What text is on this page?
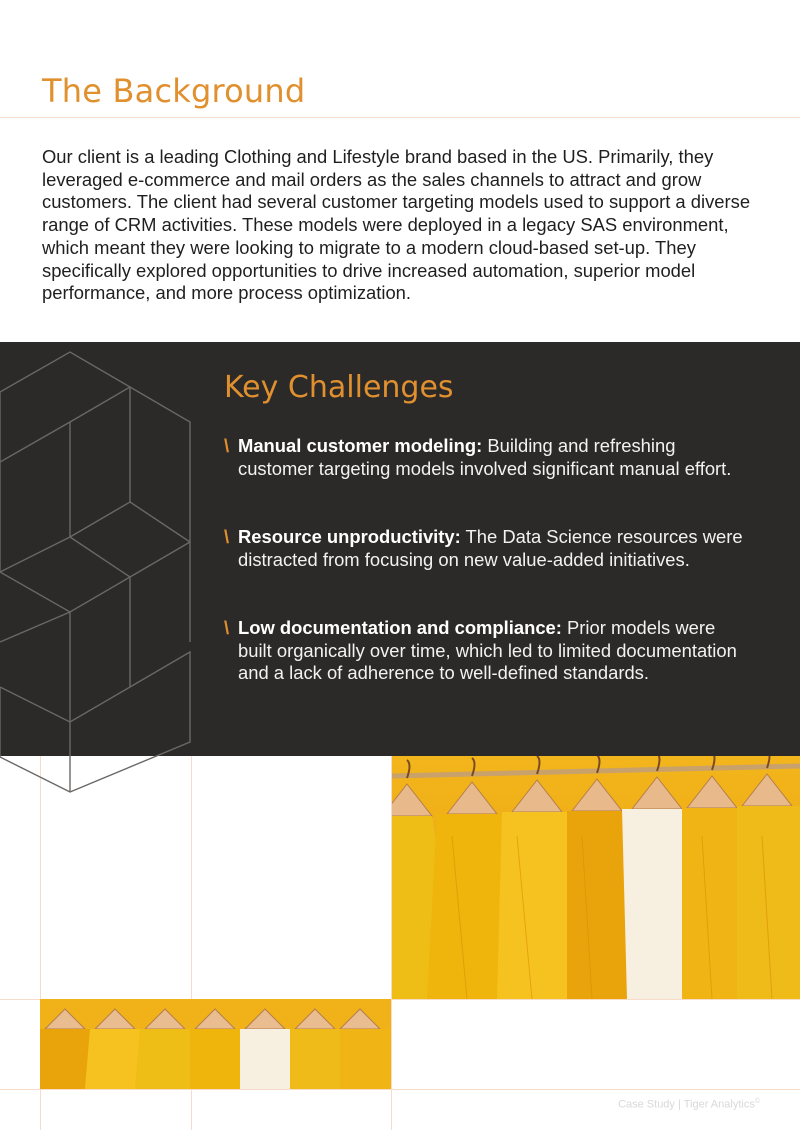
The Background

Our client is a leading Clothing and Lifestyle brand based in the US. Primarily, they leveraged e-commerce and mail orders as the sales channels to attract and grow customers. The client had several customer targeting models used to support a diverse range of CRM activities. These models were deployed in a legacy SAS environment, which meant they were looking to migrate to a modern cloud-based set-up. They specifically explored opportunities to drive increased automation, superior model performance, and more process optimization.

Key Challenges
\ Manual customer modeling: Building and refreshing customer targeting models involved significant manual effort.
\ Resource unproductivity: The Data Science resources were distracted from focusing on new value-added initiatives.
\ Low documentation and compliance: Prior models were built organically over time, which led to limited documentation and a lack of adherence to well-defined standards.
Case Study | Tiger Analytics©
